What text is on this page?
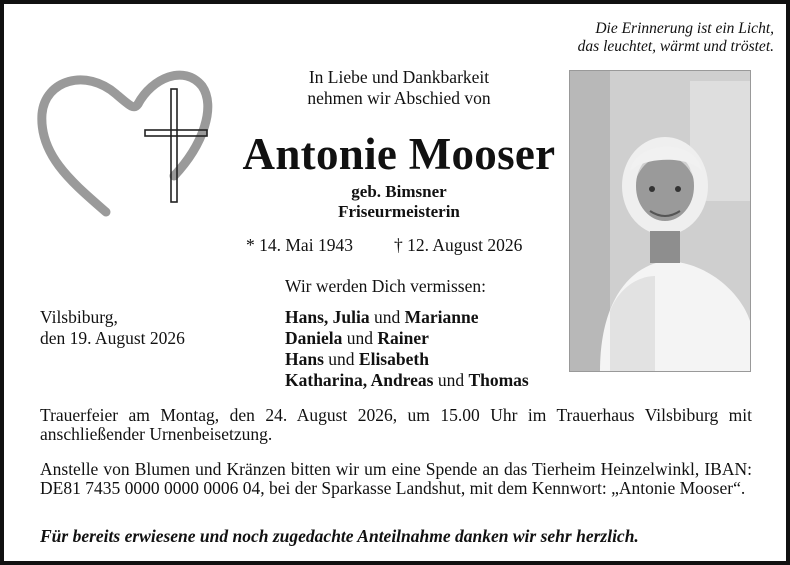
Die Erinnerung ist ein Licht,
das leuchtet, wärmt und tröstet.
In Liebe und Dankbarkeit
nehmen wir Abschied von
Antonie Mooser
geb. Bimsner
Friseurmeisterin
* 14. Mai 1943 † 12. August 2026
Wir werden Dich vermissen:
Vilsbiburg,
den 19. August 2026
Hans, Julia und Marianne
Daniela und Rainer
Hans und Elisabeth
Katharina, Andreas und Thomas
Trauerfeier am Montag, den 24. August 2026, um 15.00 Uhr im Trauerhaus Vilsbiburg mit anschließender Urnenbeisetzung.
Anstelle von Blumen und Kränzen bitten wir um eine Spende an das Tierheim Heinzelwinkl, IBAN: DE81 7435 0000 0000 0006 04, bei der Sparkasse Landshut, mit dem Kennwort: „Antonie Mooser“.
Für bereits erwiesene und noch zugedachte Anteilnahme danken wir sehr herzlich.
